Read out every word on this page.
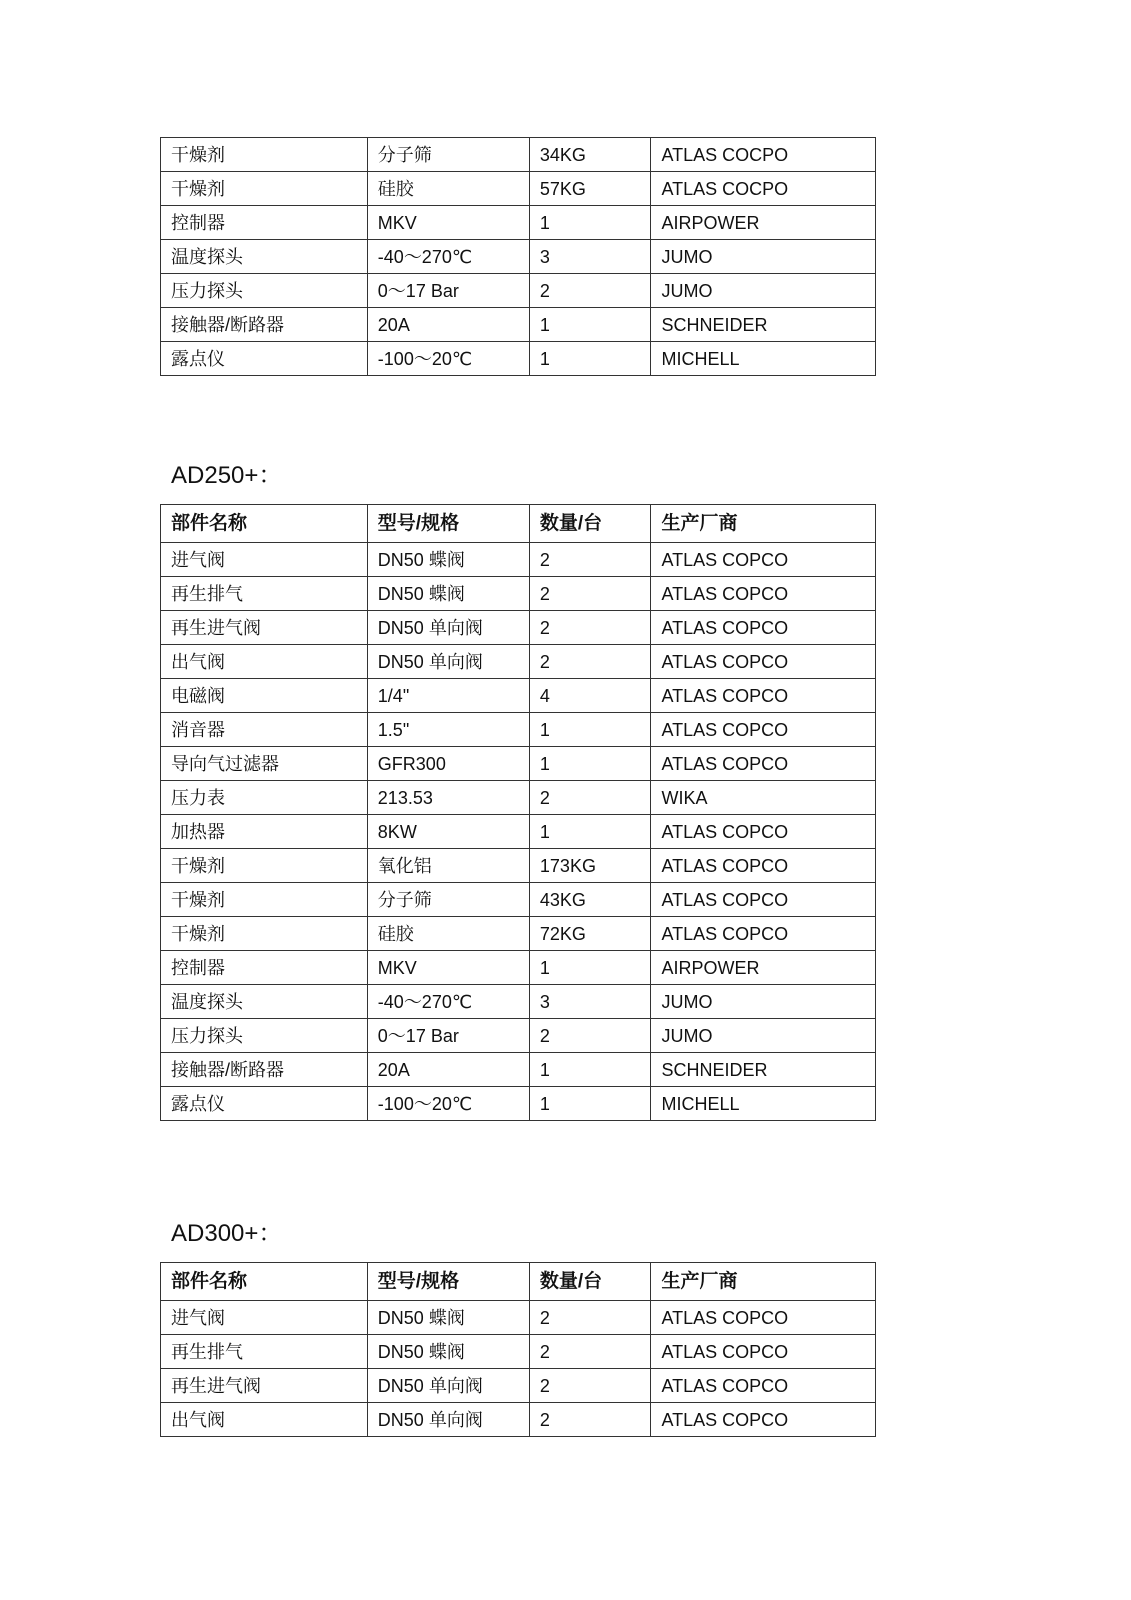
AD250+：
AD300+：
干燥剂	分子筛	34KG	ATLAS COCPO
干燥剂	硅胶	57KG	ATLAS COCPO
控制器	MKV	1	AIRPOWER
温度探头	-40～270℃	3	JUMO
压力探头	0～17 Bar	2	JUMO
接触器/断路器	20A	1	SCHNEIDER
露点仪	-100～20℃	1	MICHELL
部件名称	型号/规格	数量/台	生产厂商
进气阀	DN50 蝶阀	2	ATLAS COPCO
再生排气	DN50 蝶阀	2	ATLAS COPCO
再生进气阀	DN50 单向阀	2	ATLAS COPCO
出气阀	DN50 单向阀	2	ATLAS COPCO
电磁阀	1/4"	4	ATLAS COPCO
消音器	1.5"	1	ATLAS COPCO
导向气过滤器	GFR300	1	ATLAS COPCO
压力表	213.53	2	WIKA
加热器	8KW	1	ATLAS COPCO
干燥剂	氧化铝	173KG	ATLAS COPCO
干燥剂	分子筛	43KG	ATLAS COPCO
干燥剂	硅胶	72KG	ATLAS COPCO
控制器	MKV	1	AIRPOWER
温度探头	-40～270℃	3	JUMO
压力探头	0～17 Bar	2	JUMO
接触器/断路器	20A	1	SCHNEIDER
露点仪	-100～20℃	1	MICHELL
部件名称	型号/规格	数量/台	生产厂商
进气阀	DN50 蝶阀	2	ATLAS COPCO
再生排气	DN50 蝶阀	2	ATLAS COPCO
再生进气阀	DN50 单向阀	2	ATLAS COPCO
出气阀	DN50 单向阀	2	ATLAS COPCO
